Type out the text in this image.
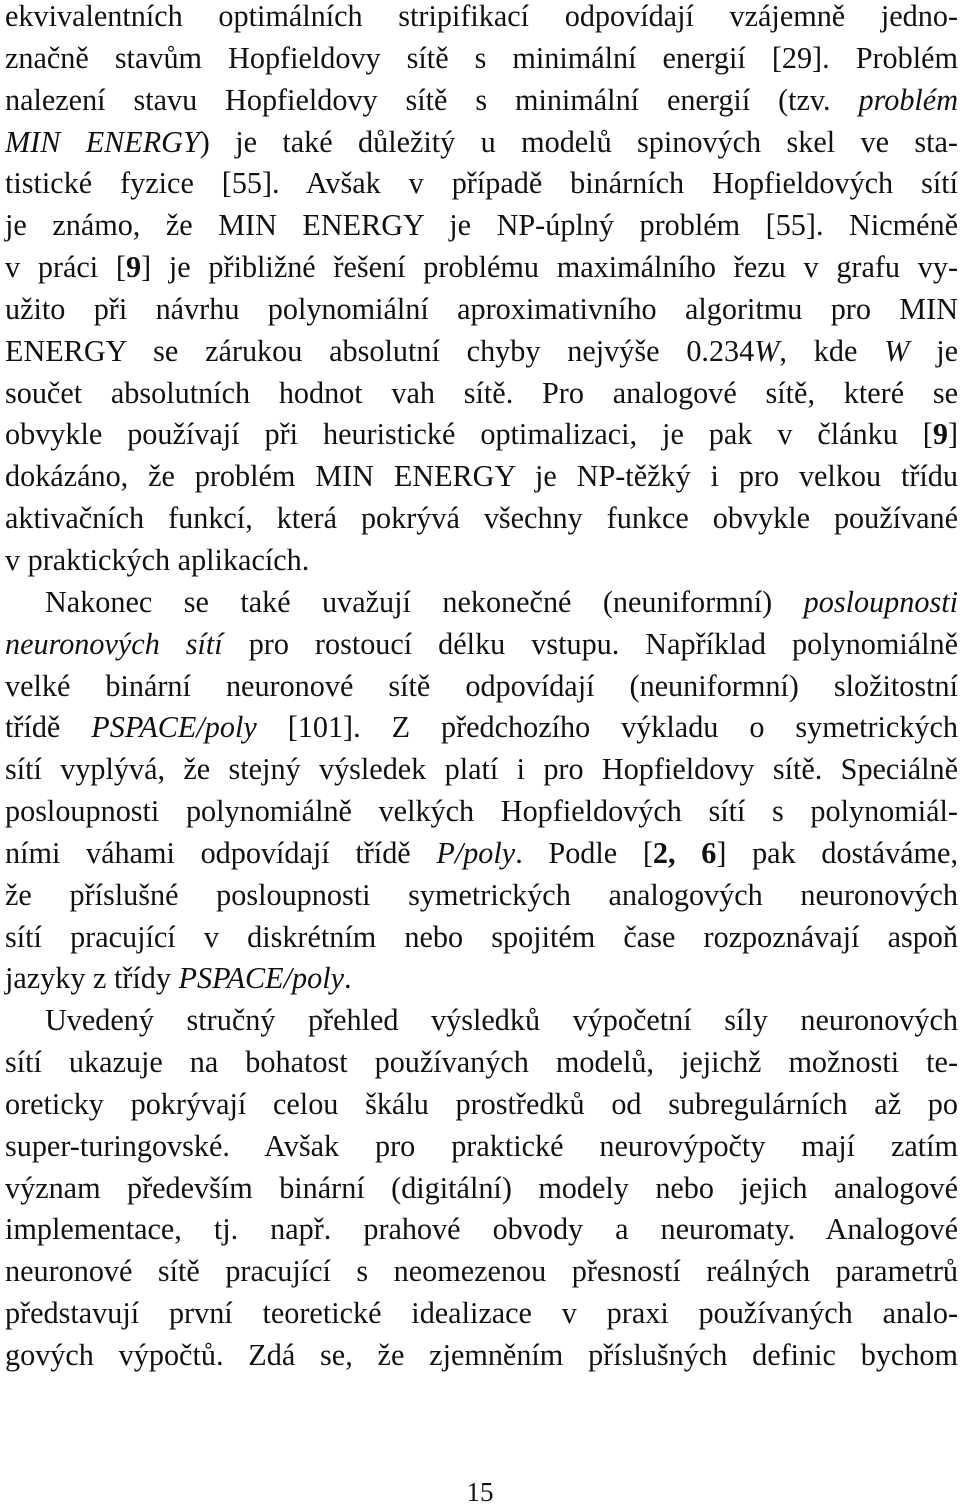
ekvivalentních optimálních stripifikací odpovídají vzájemně jedno-
značně stavům Hopfieldovy sítě s minimální energií [29]. Problém
nalezení stavu Hopfieldovy sítě s minimální energií (tzv. problém
MIN ENERGY) je také důležitý u modelů spinových skel ve sta-
tistické fyzice [55]. Avšak v případě binárních Hopfieldových sítí
je známo, že MIN ENERGY je NP-úplný problém [55]. Nicméně
v práci [9] je přibližné řešení problému maximálního řezu v grafu vy-
užito při návrhu polynomiální aproximativního algoritmu pro MIN
ENERGY se zárukou absolutní chyby nejvýše 0.234W, kde W je
součet absolutních hodnot vah sítě. Pro analogové sítě, které se
obvykle používají při heuristické optimalizaci, je pak v článku [9]
dokázáno, že problém MIN ENERGY je NP-těžký i pro velkou třídu
aktivačních funkcí, která pokrývá všechny funkce obvykle používané
v praktických aplikacích.
Nakonec se také uvažují nekonečné (neuniformní) posloupnosti
neuronových sítí pro rostoucí délku vstupu. Například polynomiálně
velké binární neuronové sítě odpovídají (neuniformní) složitostní
třídě PSPACE/poly [101]. Z předchozího výkladu o symetrických
sítí vyplývá, že stejný výsledek platí i pro Hopfieldovy sítě. Speciálně
posloupnosti polynomiálně velkých Hopfieldových sítí s polynomiál-
ními váhami odpovídají třídě P/poly. Podle [2, 6] pak dostáváme,
že příslušné posloupnosti symetrických analogových neuronových
sítí pracující v diskrétním nebo spojitém čase rozpoznávají aspoň
jazyky z třídy PSPACE/poly.
Uvedený stručný přehled výsledků výpočetní síly neuronových
sítí ukazuje na bohatost používaných modelů, jejichž možnosti te-
oreticky pokrývají celou škálu prostředků od subregulárních až po
super-turingovské. Avšak pro praktické neurovýpočty mají zatím
význam především binární (digitální) modely nebo jejich analogové
implementace, tj. např. prahové obvody a neuromaty. Analogové
neuronové sítě pracující s neomezenou přesností reálných parametrů
představují první teoretické idealizace v praxi používaných analo-
gových výpočtů. Zdá se, že zjemněním příslušných definic bychom
15
